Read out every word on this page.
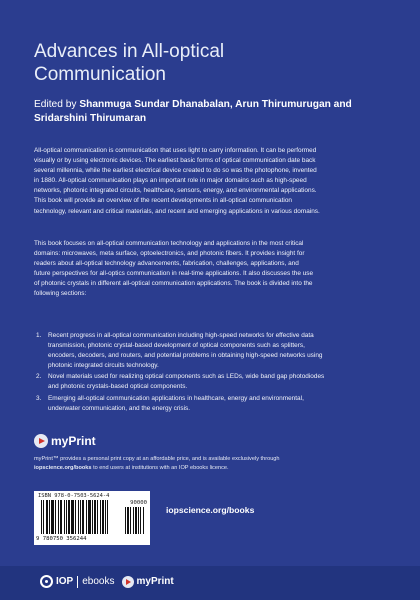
Advances in All-optical
Communication
Edited by Shanmuga Sundar Dhanabalan, Arun Thirumurugan and
Sridarshini Thirumaran

All-optical communication is communication that uses light to carry information. It can be performed
visually or by using electronic devices. The earliest basic forms of optical communication date back
several millennia, while the earliest electrical device created to do so was the photophone, invented
in 1880. All-optical communication plays an important role in major domains such as high-speed
networks, photonic integrated circuits, healthcare, sensors, energy, and environmental applications.
This book will provide an overview of the recent developments in all-optical communication
technology, relevant and critical materials, and recent and emerging applications in various domains.

This book focuses on all-optical communication technology and applications in the most critical
domains: microwaves, meta surface, optoelectronics, and photonic fibers. It provides insight for
readers about all-optical technology advancements, fabrication, challenges, applications, and
future perspectives for all-optics communication in real-time applications. It also discusses the use
of photonic crystals in different all-optical communication applications. The book is divided into the
following sections:

1.	Recent progress in all-optical communication including high-speed networks for effective data
transmission, photonic crystal-based development of optical components such as splitters,
encoders, decoders, and routers, and potential problems in obtaining high-speed networks using
photonic integrated circuits technology.
2.	Novel materials used for realizing optical components such as LEDs, wide band gap photodiodes
and photonic crystals-based optical components.
3.	Emerging all-optical communication applications in healthcare, energy and environmental,
underwater communication, and the energy crisis.
myPrint

myPrint™ provides a personal print copy at an affordable price, and is available exclusively through
iopscience.org/books to end users at institutions with an IOP ebooks licence.

ISBN 978-0-7503-5624-4
90000
9 780750 356244
iopscience.org/books
IOP ebooks myPrint
